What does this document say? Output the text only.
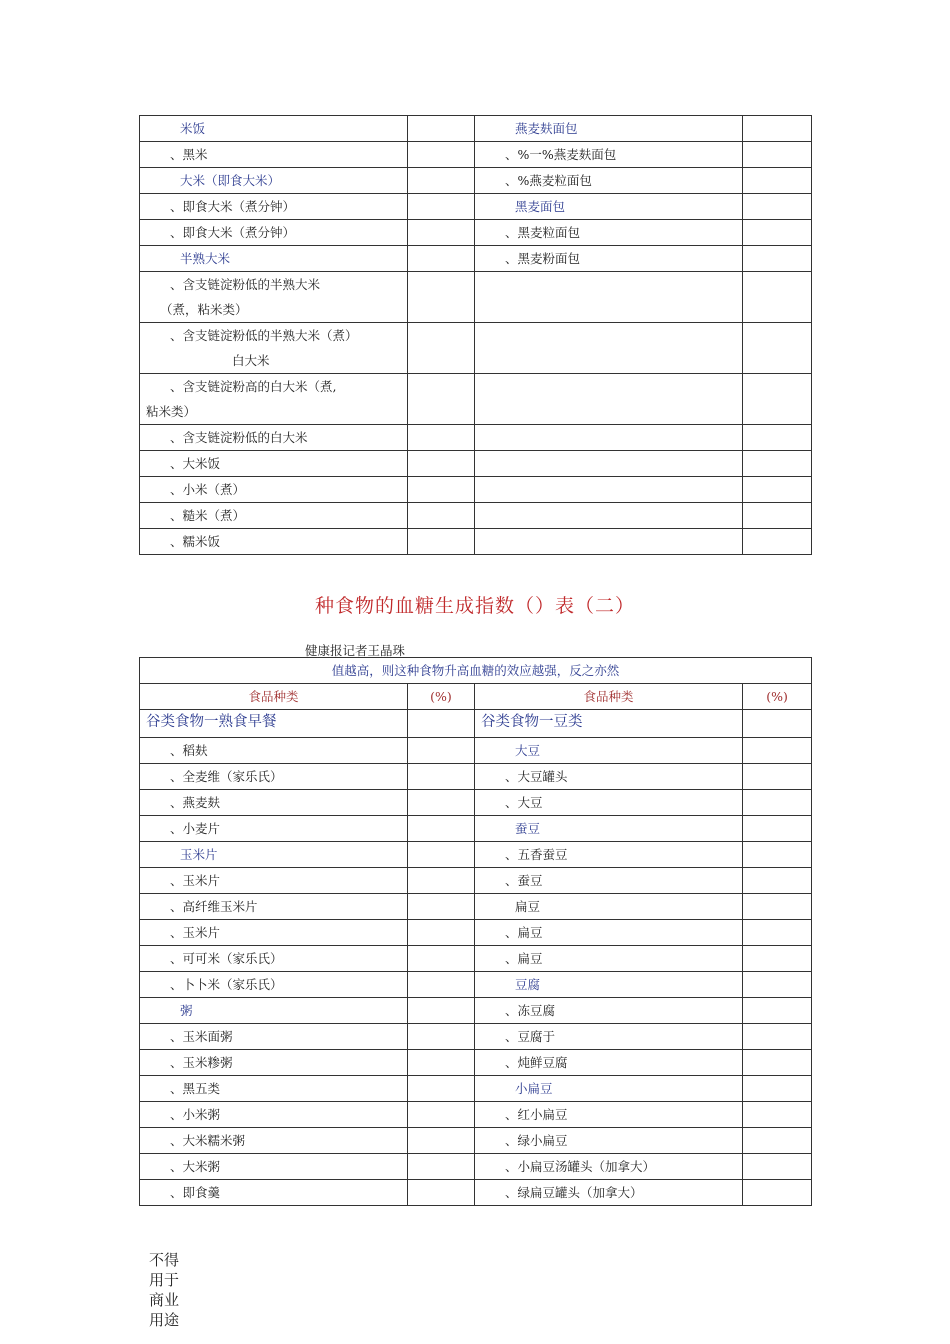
米饭		燕麦麸面包	

、黑米		、%一%燕麦麸面包	

大米（即食大米）		、%燕麦粒面包	

、即食大米（煮分钟）		黑麦面包	

、即食大米（煮分钟）		、黑麦粒面包	

半熟大米		、黑麦粉面包	

、含支链淀粉低的半熟大米
（煮，粘米类）			

、含支链淀粉低的半熟大米（煮）
白大米			

、含支链淀粉高的白大米（煮,
粘米类）			

、含支链淀粉低的白大米			

、大米饭			

、小米（煮）			

、糙米（煮）			

、糯米饭			

种食物的血糖生成指数（）表（二）
健康报记者王晶珠
值越高，则这种食物升高血糖的效应越强，反之亦然			
食品种类	(%)	食品种类	(%)

谷类食物一熟食早餐		谷类食物一豆类	

、稻麸		大豆	

、全麦维（家乐氏）		、大豆罐头	

、燕麦麸		、大豆	

、小麦片		蚕豆	

玉米片		、五香蚕豆	

、玉米片		、蚕豆	

、高纤维玉米片		扁豆	

、玉米片		、扁豆	

、可可米（家乐氏）		、扁豆	

、卜卜米（家乐氏）		豆腐	

粥		、冻豆腐	

、玉米面粥		、豆腐于	

、玉米糁粥		、炖鲜豆腐	

、黑五类		小扁豆	

、小米粥		、红小扁豆	

、大米糯米粥		、绿小扁豆	

、大米粥		、小扁豆汤罐头（加拿大）	

、即食羹		、绿扁豆罐头（加拿大）	

不得
用于
商业
用途
